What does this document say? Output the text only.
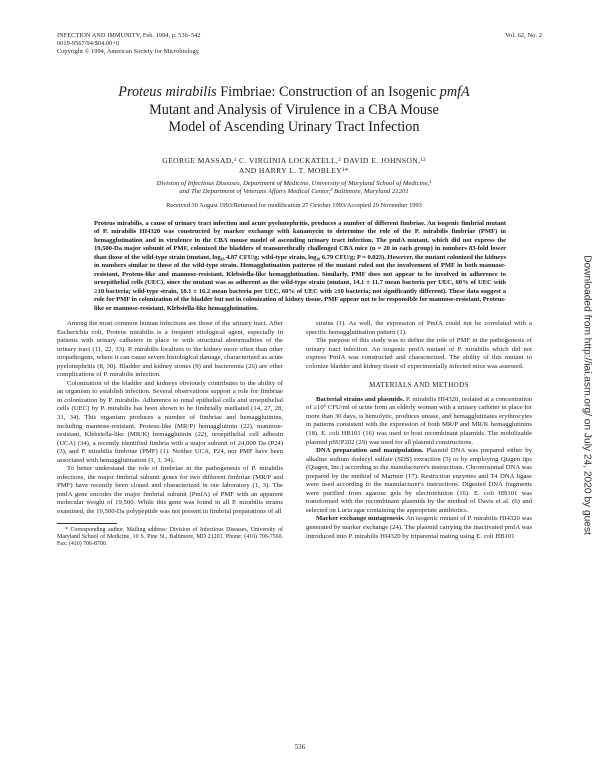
INFECTION AND IMMUNITY, Feb. 1994, p. 536–542
0019-9567/94/$04.00+0
Copyright © 1994, American Society for Microbiology
Vol. 62, No. 2
Proteus mirabilis Fimbriae: Construction of an Isogenic pmfA
Mutant and Analysis of Virulence in a CBA Mouse
Model of Ascending Urinary Tract Infection
GEORGE MASSAD,¹ C. VIRGINIA LOCKATELL,² DAVID E. JOHNSON,¹²
AND HARRY L. T. MOBLEY¹*
Division of Infectious Diseases, Department of Medicine, University of Maryland School of Medicine,¹
and The Department of Veterans Affairs Medical Center,² Baltimore, Maryland 21201
Received 30 August 1993/Returned for modification 27 October 1993/Accepted 29 November 1993
Proteus mirabilis, a cause of urinary tract infection and acute pyelonephritis, produces a number of different fimbriae. An isogenic fimbrial mutant of P. mirabilis HI4320 was constructed by marker exchange with kanamycin to determine the role of the P. mirabilis fimbriae (PMF) in hemagglutination and in virulence in the CBA mouse model of ascending urinary tract infection. The pmfA mutant, which did not express the 19,500-Da major subunit of PMF, colonized the bladders of transurethrally challenged CBA mice (n = 20 in each group) in numbers 83-fold lower than those of the wild-type strain (mutant, log₁₀ 4.87 CFU/g; wild-type strain, log₁₀ 6.79 CFU/g; P = 0.023). However, the mutant colonized the kidneys in numbers similar to those of the wild-type strain. Hemagglutination patterns of the mutant ruled out the involvement of PMF in both mannose-resistant, Proteus-like and mannose-resistant, Klebsiella-like hemagglutination. Similarly, PMF does not appear to be involved in adherence to uroepithelial cells (UEC), since the mutant was as adherent as the wild-type strain (mutant, 14.1 ± 11.7 mean bacteria per UEC, 60% of UEC with ≥10 bacteria; wild-type strain, 18.1 ± 16.2 mean bacteria per UEC, 60% of UEC with ≥10 bacteria; not significantly different). These data suggest a role for PMF in colonization of the bladder but not in colonization of kidney tissue. PMF appear not to be responsible for mannose-resistant, Proteus-like or mannose-resistant, Klebsiella-like hemagglutination.

Among the most common human infections are those of the urinary tract. After Escherichia coli, Proteus mirabilis is a frequent etiological agent, especially in patients with urinary catheters in place or with structural abnormalities of the urinary tract (11, 22, 33). P. mirabilis localizes to the kidney more often than other uropathogens, where it can cause severe histological damage, characterized as acute pyelonephritis (8, 30). Bladder and kidney stones (9) and bacteremia (26) are other complications of P. mirabilis infection.

Colonization of the bladder and kidneys obviously contributes to the ability of an organism to establish infection. Several observations support a role for fimbriae in colonization by P. mirabilis. Adherence to renal epithelial cells and uroepithelial cells (UEC) by P. mirabilis has been shown to be fimbrially mediated (14, 27, 28, 31, 34). This organism produces a number of fimbriae and hemagglutinins, including mannose-resistant, Proteus-like (MR/P) hemagglutinin (22), mannose-resistant, Klebsiella-like (MR/K) hemagglutinin (22), uroepithelial cell adhesin (UCA) (34), a recently identified fimbria with a major subunit of 24,000 Da (P24) (3), and P. mirabilis fimbriae (PMF) (1). Neither UCA, P24, nor PMF have been associated with hemagglutination (1, 3, 34).

To better understand the role of fimbriae in the pathogenesis of P. mirabilis infections, the major fimbrial subunit genes for two different fimbriae (MR/P and PMF) have recently been cloned and characterized in our laboratory (1, 3). The pmfA gene encodes the major fimbrial subunit (PmfA) of PMF with an apparent molecular weight of 19,500. While this gene was found in all P. mirabilis strains examined, the 19,500-Da polypeptide was not present in fimbrial preparations of all

* Corresponding author. Mailing address: Division of Infectious Diseases, University of Maryland School of Medicine, 10 S. Pine St., Baltimore, MD 21201. Phone: (410) 706-7560. Fax: (410) 706-8700.

strains (1). As well, the expression of PmfA could not be correlated with a specific hemagglutination pattern (1).

The purpose of this study was to define the role of PMF in the pathogenesis of urinary tract infection. An isogenic pmfA mutant of P. mirabilis which did not express PmfA was constructed and characterized. The ability of this mutant to colonize bladder and kidney tissue of experimentally infected mice was assessed.

MATERIALS AND METHODS

Bacterial strains and plasmids. P. mirabilis HI4320, isolated at a concentration of ≥10⁵ CFU/ml of urine from an elderly woman with a urinary catheter in place for more than 30 days, is hemolytic, produces urease, and hemagglutinates erythrocytes in patterns consistent with the expression of both MR/P and MR/K hemagglutinins (18). E. coli HB101 (16) was used to host recombinant plasmids. The mobilizable plasmid pSUP202 (29) was used for all plasmid constructions.

DNA preparation and manipulation. Plasmid DNA was prepared either by alkaline sodium dodecyl sulfate (SDS) extraction (5) or by employing Qiagen tips (Qiagen, Inc.) according to the manufacturer's instructions. Chromosomal DNA was prepared by the method of Marmur (17). Restriction enzymes and T4 DNA ligase were used according to the manufacturer's instructions. Digested DNA fragments were purified from agarose gels by electroelution (16). E. coli HB101 was transformed with the recombinant plasmids by the method of Davis et al. (6) and selected on Luria agar containing the appropriate antibiotics.

Marker exchange mutagenesis. An isogenic mutant of P. mirabilis HI4320 was generated by marker exchange (24). The plasmid carrying the inactivated pmfA was introduced into P. mirabilis HI4320 by triparental mating using E. coli HB101

536
Downloaded from http://iai.asm.org/ on July 24, 2020 by guest
